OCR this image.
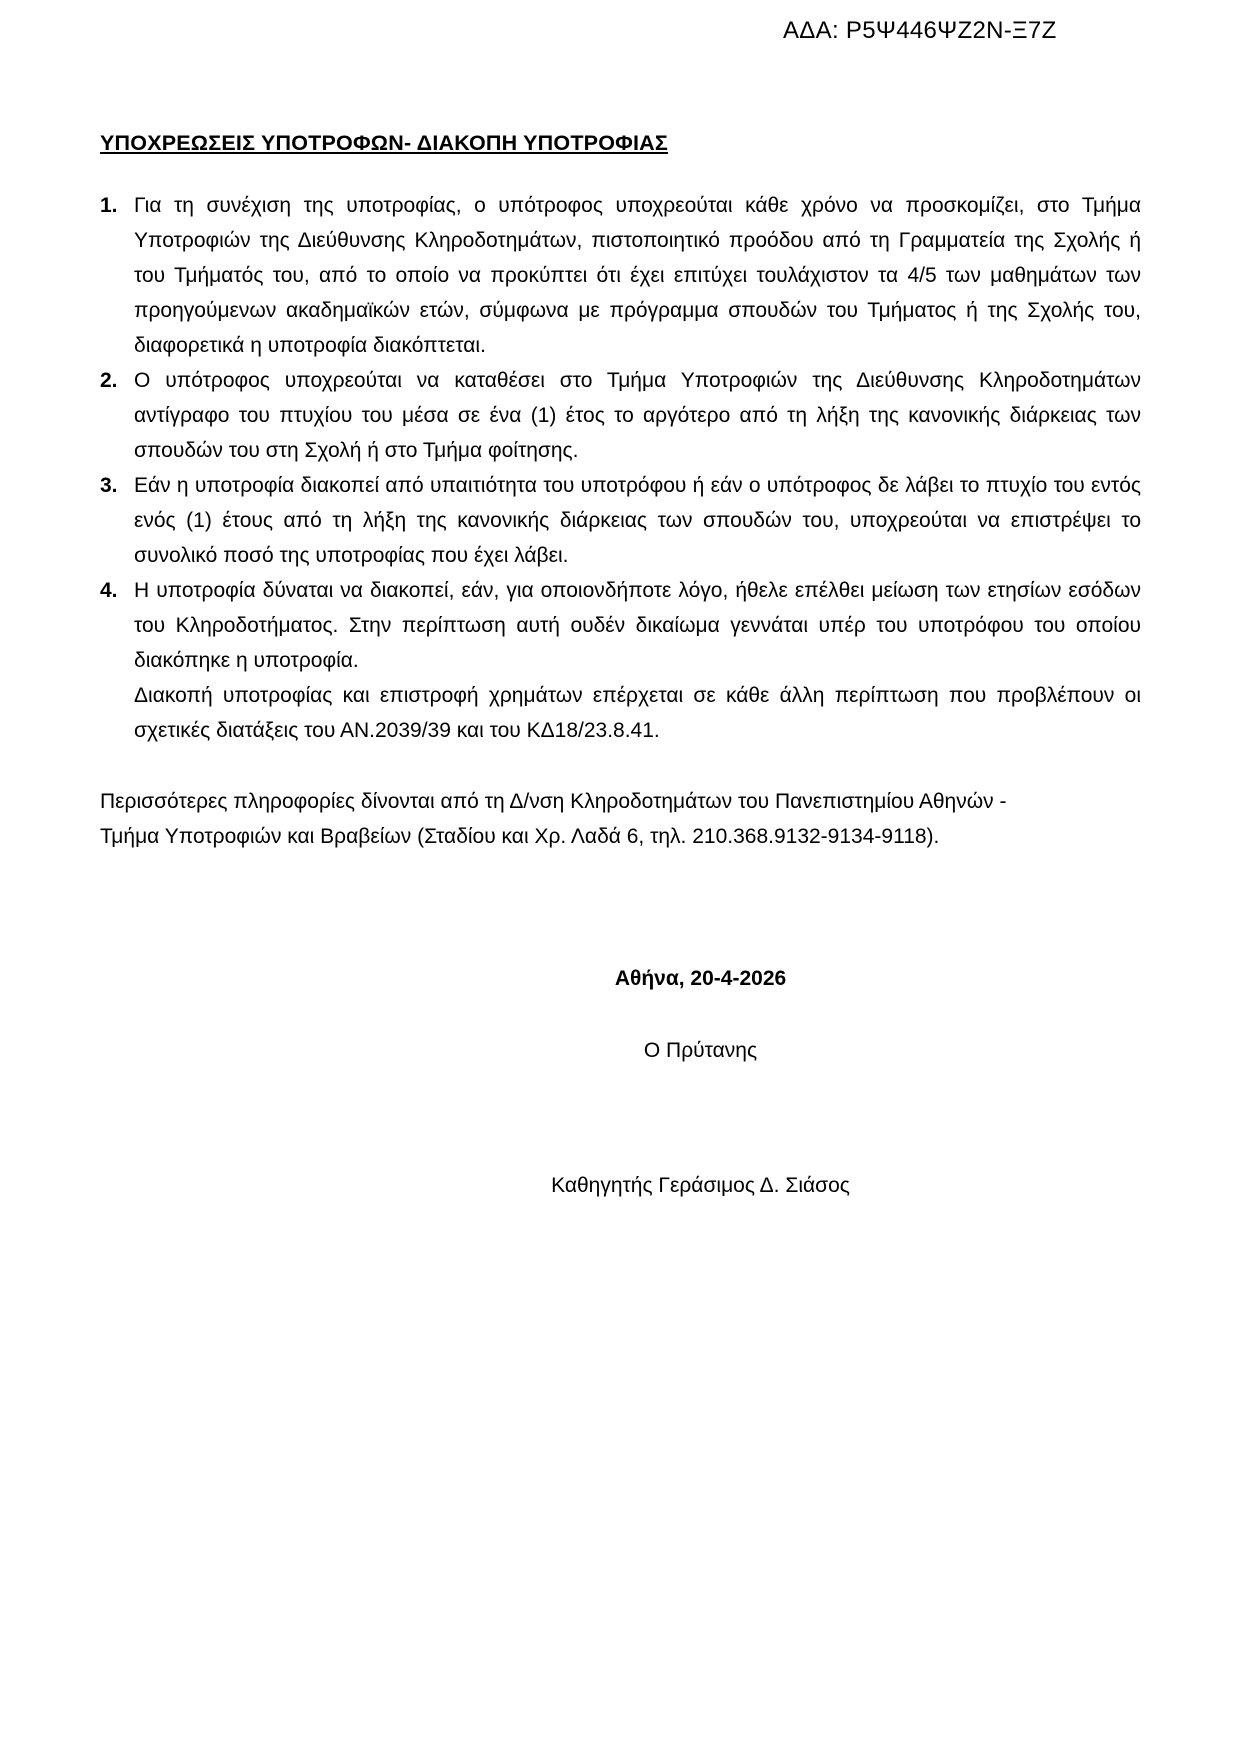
ΑΔΑ: Ρ5Ψ446ΨΖ2Ν-Ξ7Ζ
ΥΠΟΧΡΕΩΣΕΙΣ ΥΠΟΤΡΟΦΩΝ- ΔΙΑΚΟΠΗ ΥΠΟΤΡΟΦΙΑΣ
1. Για τη συνέχιση της υποτροφίας, ο υπότροφος υποχρεούται κάθε χρόνο να προσκομίζει, στο Τμήμα Υποτροφιών της Διεύθυνσης Κληροδοτημάτων, πιστοποιητικό προόδου από τη Γραμματεία της Σχολής ή του Τμήματός του, από το οποίο να προκύπτει ότι έχει επιτύχει τουλάχιστον τα 4/5 των μαθημάτων των προηγούμενων ακαδημαϊκών ετών, σύμφωνα με πρόγραμμα σπουδών του Τμήματος ή της Σχολής του, διαφορετικά η υποτροφία διακόπτεται.
2. Ο υπότροφος υποχρεούται να καταθέσει στο Τμήμα Υποτροφιών της Διεύθυνσης Κληροδοτημάτων αντίγραφο του πτυχίου του μέσα σε ένα (1) έτος το αργότερο από τη λήξη της κανονικής διάρκειας των σπουδών του στη Σχολή ή στο Τμήμα φοίτησης.
3. Εάν η υποτροφία διακοπεί από υπαιτιότητα του υποτρόφου ή εάν ο υπότροφος δε λάβει το πτυχίο του εντός ενός (1) έτους από τη λήξη της κανονικής διάρκειας των σπουδών του, υποχρεούται να επιστρέψει το συνολικό ποσό της υποτροφίας που έχει λάβει.
4. Η υποτροφία δύναται να διακοπεί, εάν, για οποιονδήποτε λόγο, ήθελε επέλθει μείωση των ετησίων εσόδων του Κληροδοτήματος. Στην περίπτωση αυτή ουδέν δικαίωμα γεννάται υπέρ του υποτρόφου του οποίου διακόπηκε η υποτροφία.
Διακοπή υποτροφίας και επιστροφή χρημάτων επέρχεται σε κάθε άλλη περίπτωση που προβλέπουν οι σχετικές διατάξεις του ΑΝ.2039/39 και του ΚΔ18/23.8.41.
Περισσότερες πληροφορίες δίνονται από τη Δ/νση Κληροδοτημάτων του Πανεπιστημίου Αθηνών -
Τμήμα Υποτροφιών και Βραβείων (Σταδίου και Χρ. Λαδά 6, τηλ. 210.368.9132-9134-9118).
Αθήνα, 20-4-2026
Ο Πρύτανης
Καθηγητής Γεράσιμος Δ. Σιάσος
